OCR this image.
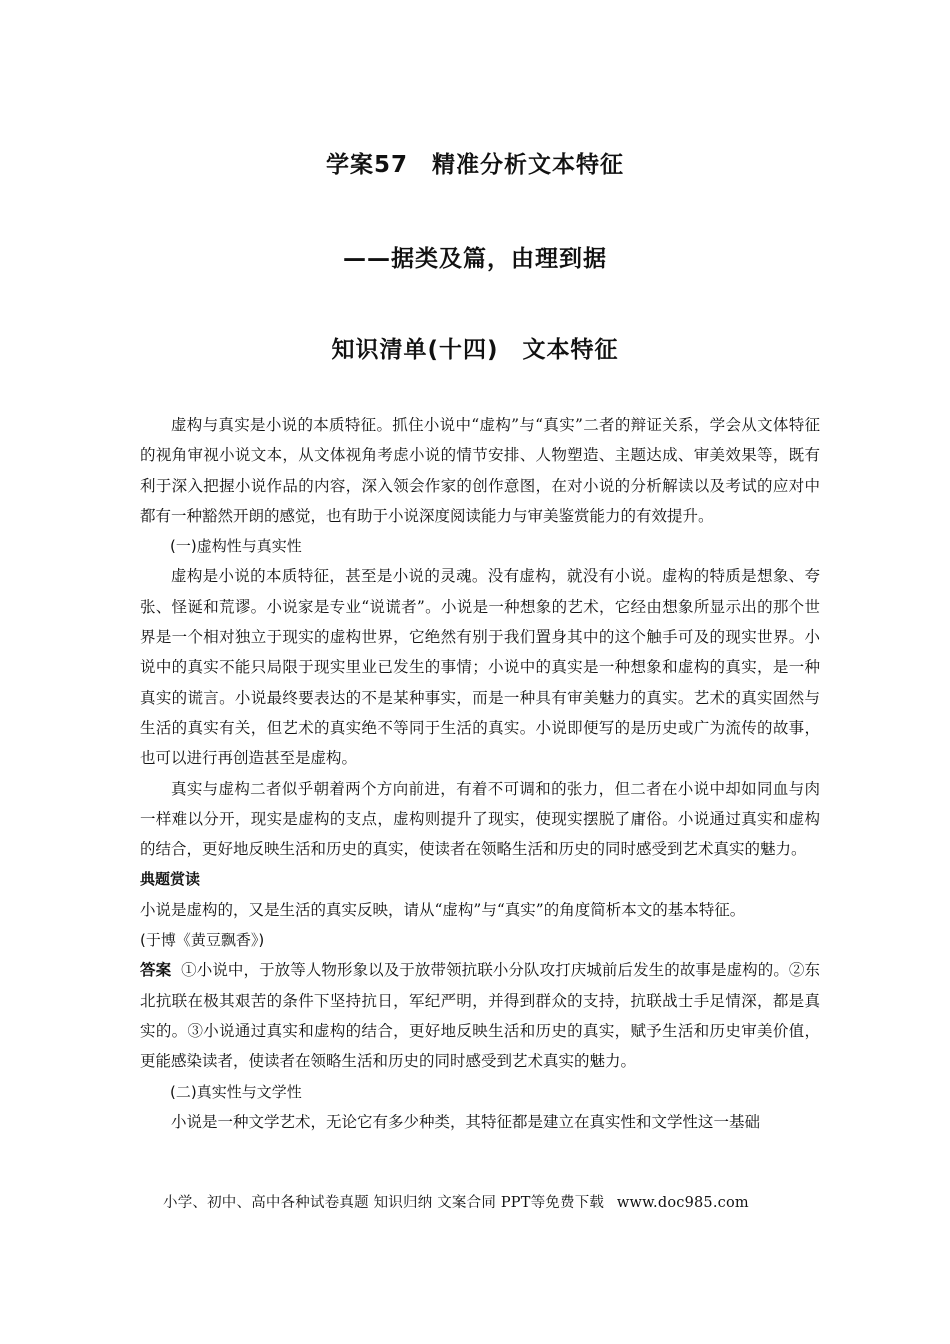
学案57　精准分析文本特征
——据类及篇，由理到据
知识清单(十四)　文本特征

虚构与真实是小说的本质特征。抓住小说中“虚构”与“真实”二者的辩证关系，学会从文体特征的视角审视小说文本，从文体视角考虑小说的情节安排、人物塑造、主题达成、审美效果等，既有利于深入把握小说作品的内容，深入领会作家的创作意图，在对小说的分析解读以及考试的应对中都有一种豁然开朗的感觉，也有助于小说深度阅读能力与审美鉴赏能力的有效提升。

(一)虚构性与真实性

虚构是小说的本质特征，甚至是小说的灵魂。没有虚构，就没有小说。虚构的特质是想象、夸张、怪诞和荒谬。小说家是专业“说谎者”。小说是一种想象的艺术，它经由想象所显示出的那个世界是一个相对独立于现实的虚构世界，它绝然有别于我们置身其中的这个触手可及的现实世界。小说中的真实不能只局限于现实里业已发生的事情；小说中的真实是一种想象和虚构的真实，是一种真实的谎言。小说最终要表达的不是某种事实，而是一种具有审美魅力的真实。艺术的真实固然与生活的真实有关，但艺术的真实绝不等同于生活的真实。小说即便写的是历史或广为流传的故事，也可以进行再创造甚至是虚构。

真实与虚构二者似乎朝着两个方向前进，有着不可调和的张力，但二者在小说中却如同血与肉一样难以分开，现实是虚构的支点，虚构则提升了现实，使现实摆脱了庸俗。小说通过真实和虚构的结合，更好地反映生活和历史的真实，使读者在领略生活和历史的同时感受到艺术真实的魅力。

典题赏读

小说是虚构的，又是生活的真实反映，请从“虚构”与“真实”的角度简析本文的基本特征。

(于博《黄豆飘香》)

答案 ①小说中，于放等人物形象以及于放带领抗联小分队攻打庆城前后发生的故事是虚构的。②东北抗联在极其艰苦的条件下坚持抗日，军纪严明，并得到群众的支持，抗联战士手足情深，都是真实的。③小说通过真实和虚构的结合，更好地反映生活和历史的真实，赋予生活和历史审美价值，更能感染读者，使读者在领略生活和历史的同时感受到艺术真实的魅力。

(二)真实性与文学性

小说是一种文学艺术，无论它有多少种类，其特征都是建立在真实性和文学性这一基础

小学、初中、高中各种试卷真题 知识归纳 文案合同 PPT等免费下载 www.doc985.com
